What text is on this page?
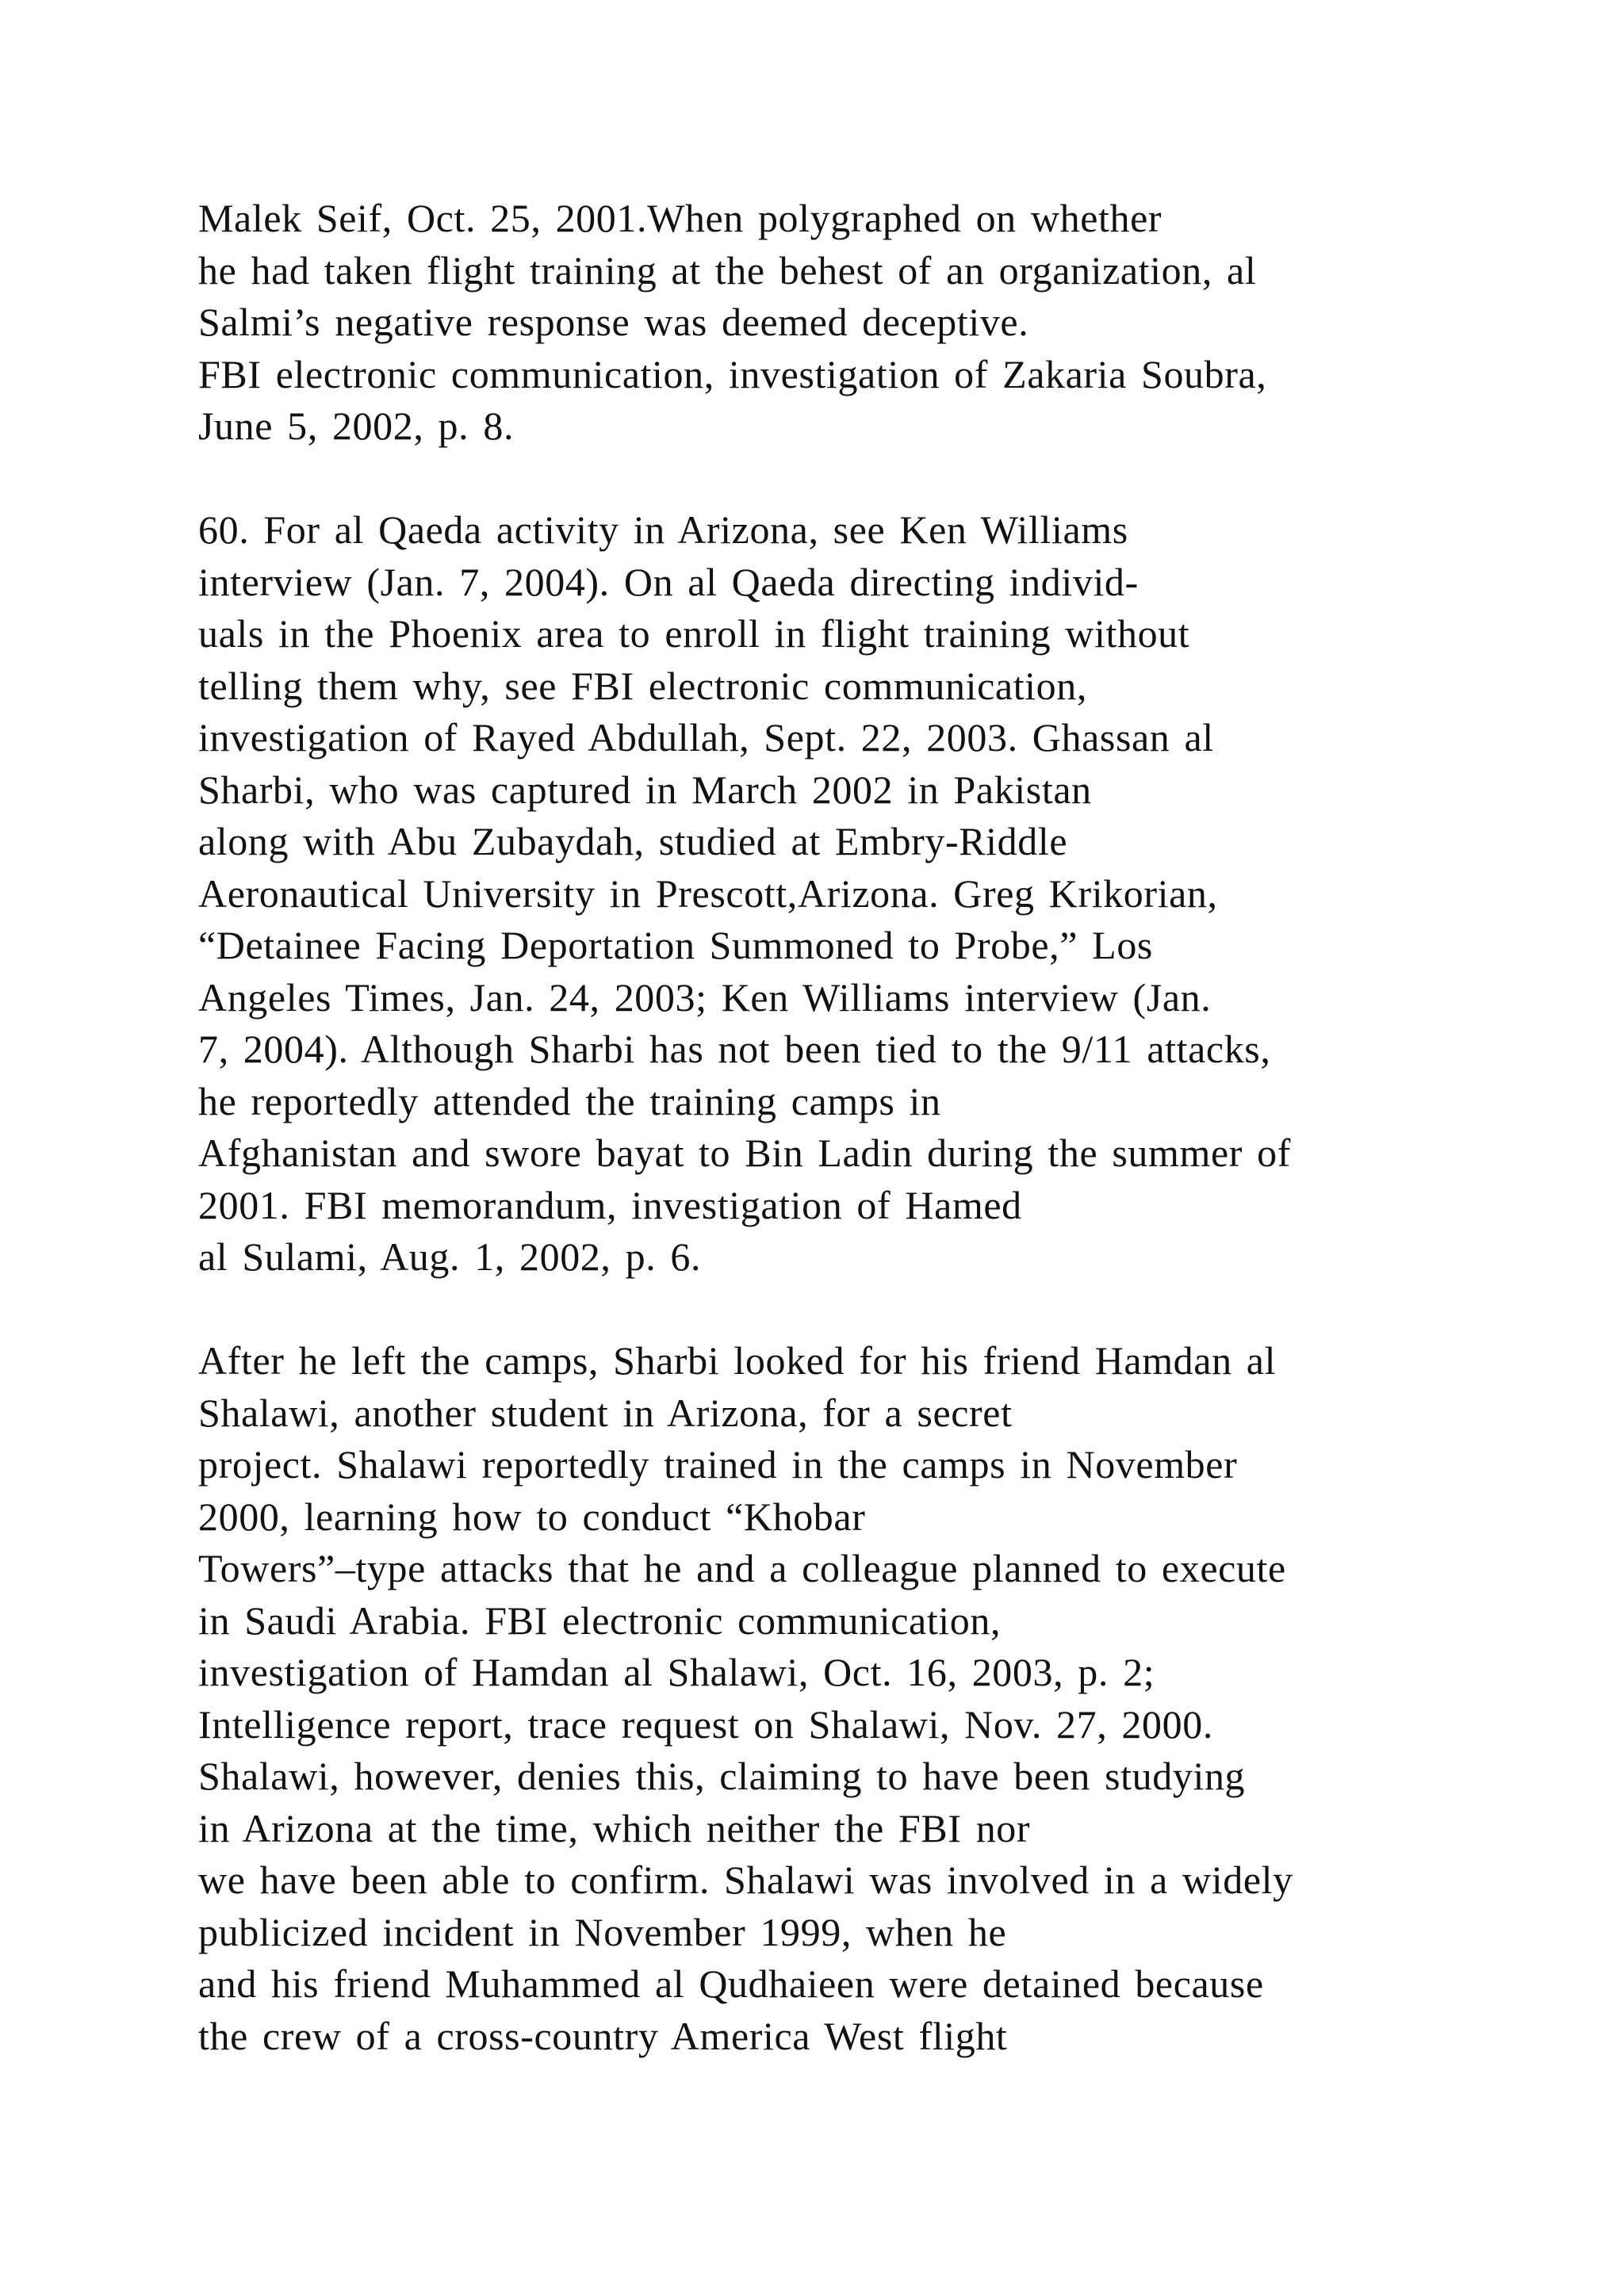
Malek Seif, Oct. 25, 2001.When polygraphed on whether
he had taken flight training at the behest of an organization, al
Salmi’s negative response was deemed deceptive.
FBI electronic communication, investigation of Zakaria Soubra,
June 5, 2002, p. 8.
60. For al Qaeda activity in Arizona, see Ken Williams
interview (Jan. 7, 2004). On al Qaeda directing individ-
uals in the Phoenix area to enroll in flight training without
telling them why, see FBI electronic communication,
investigation of Rayed Abdullah, Sept. 22, 2003. Ghassan al
Sharbi, who was captured in March 2002 in Pakistan
along with Abu Zubaydah, studied at Embry-Riddle
Aeronautical University in Prescott,Arizona. Greg Krikorian,
“Detainee Facing Deportation Summoned to Probe,” Los
Angeles Times, Jan. 24, 2003; Ken Williams interview (Jan.
7, 2004). Although Sharbi has not been tied to the 9/11 attacks,
he reportedly attended the training camps in
Afghanistan and swore bayat to Bin Ladin during the summer of
2001. FBI memorandum, investigation of Hamed
al Sulami, Aug. 1, 2002, p. 6.
After he left the camps, Sharbi looked for his friend Hamdan al
Shalawi, another student in Arizona, for a secret
project. Shalawi reportedly trained in the camps in November
2000, learning how to conduct “Khobar
Towers”–type attacks that he and a colleague planned to execute
in Saudi Arabia. FBI electronic communication,
investigation of Hamdan al Shalawi, Oct. 16, 2003, p. 2;
Intelligence report, trace request on Shalawi, Nov. 27, 2000.
Shalawi, however, denies this, claiming to have been studying
in Arizona at the time, which neither the FBI nor
we have been able to confirm. Shalawi was involved in a widely
publicized incident in November 1999, when he
and his friend Muhammed al Qudhaieen were detained because
the crew of a cross-country America West flight
